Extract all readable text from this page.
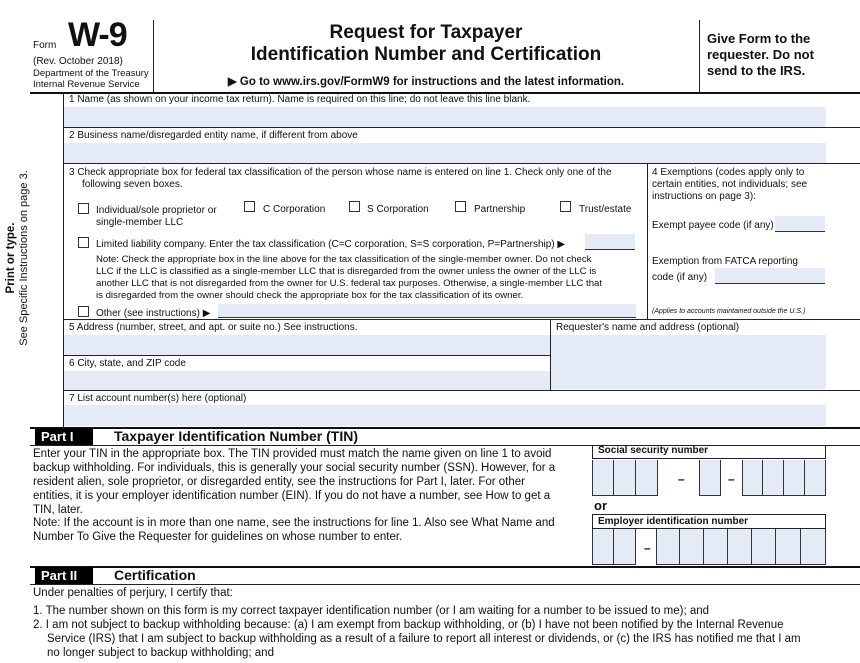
Form W-9
(Rev. October 2018)
Department of the Treasury
Internal Revenue Service
Request for Taxpayer
Identification Number and Certification
▶ Go to www.irs.gov/FormW9 for instructions and the latest information.
Give Form to the requester. Do not send to the IRS.
Print or type. See Specific Instructions on page 3.
1 Name (as shown on your income tax return). Name is required on this line; do not leave this line blank.
2 Business name/disregarded entity name, if different from above
3 Check appropriate box for federal tax classification of the person whose name is entered on line 1. Check only one of the
following seven boxes.
Individual/sole proprietor or
single-member LLC
C Corporation	S Corporation	Partnership	Trust/estate
Limited liability company. Enter the tax classification (C=C corporation, S=S corporation, P=Partnership) ▶
Note: Check the appropriate box in the line above for the tax classification of the single-member owner. Do not check
LLC if the LLC is classified as a single-member LLC that is disregarded from the owner unless the owner of the LLC is
another LLC that is not disregarded from the owner for U.S. federal tax purposes. Otherwise, a single-member LLC that
is disregarded from the owner should check the appropriate box for the tax classification of its owner.
Other (see instructions) ▶
4 Exemptions (codes apply only to
certain entities, not individuals; see
instructions on page 3):
Exempt payee code (if any)
Exemption from FATCA reporting
code (if any)
(Applies to accounts maintained outside the U.S.)
5 Address (number, street, and apt. or suite no.) See instructions.	Requester's name and address (optional)
6 City, state, and ZIP code
7 List account number(s) here (optional)
Part I	Taxpayer Identification Number (TIN)
Enter your TIN in the appropriate box. The TIN provided must match the name given on line 1 to avoid
backup withholding. For individuals, this is generally your social security number (SSN). However, for a
resident alien, sole proprietor, or disregarded entity, see the instructions for Part I, later. For other
entities, it is your employer identification number (EIN). If you do not have a number, see How to get a
TIN, later.
Note: If the account is in more than one name, see the instructions for line 1. Also see What Name and
Number To Give the Requester for guidelines on whose number to enter.
Social security number
–	–
or
Employer identification number
–
Part II	Certification
Under penalties of perjury, I certify that:
1. The number shown on this form is my correct taxpayer identification number (or I am waiting for a number to be issued to me); and
2. I am not subject to backup withholding because: (a) I am exempt from backup withholding, or (b) I have not been notified by the Internal Revenue
Service (IRS) that I am subject to backup withholding as a result of a failure to report all interest or dividends, or (c) the IRS has notified me that I am
no longer subject to backup withholding; and
